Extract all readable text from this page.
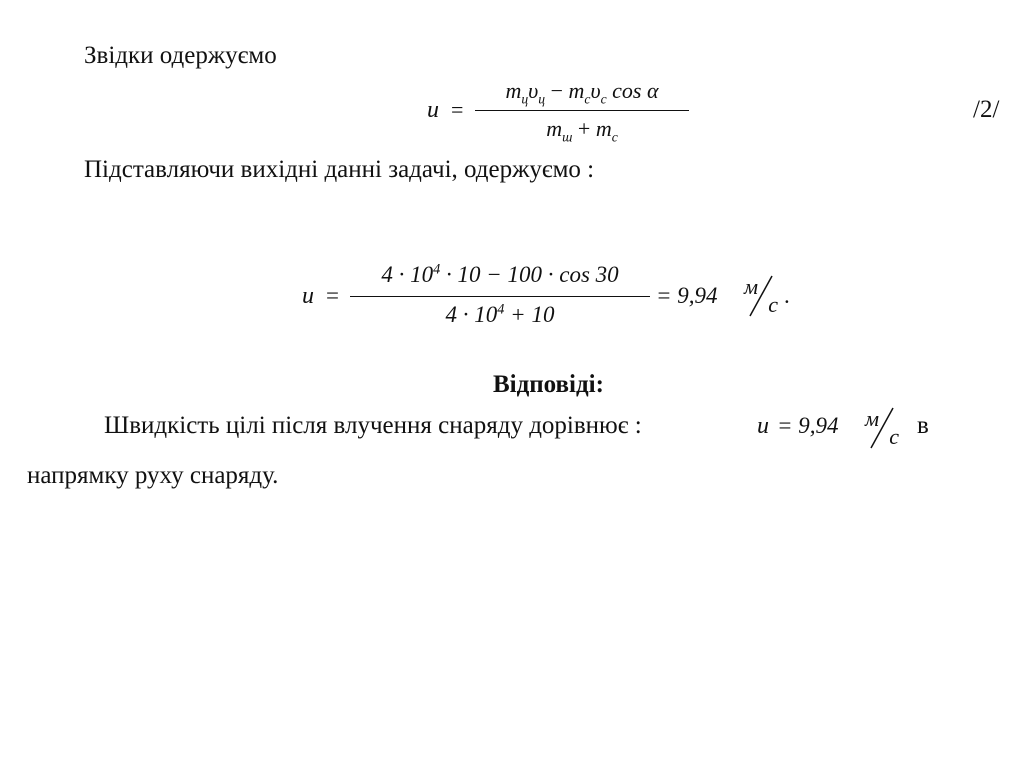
Звідки одержуємо
u =
$m_ц\upsilon_ц - m_c\upsilon_c$ cos α
$m_ш + m_c$
/2/
Підставляючи вихідні данні задачі, одержуємо :
u =
$4 \cdot 10^4 \cdot 10 - 100 \cdot \cos 30$
$4 \cdot 10^4 + 10$
= 9,94 м
с .
Відповіді:
Швидкість цілі після влучення снаряду дорівнює :	u = 9,94 м
с в
напрямку руху снаряду.
